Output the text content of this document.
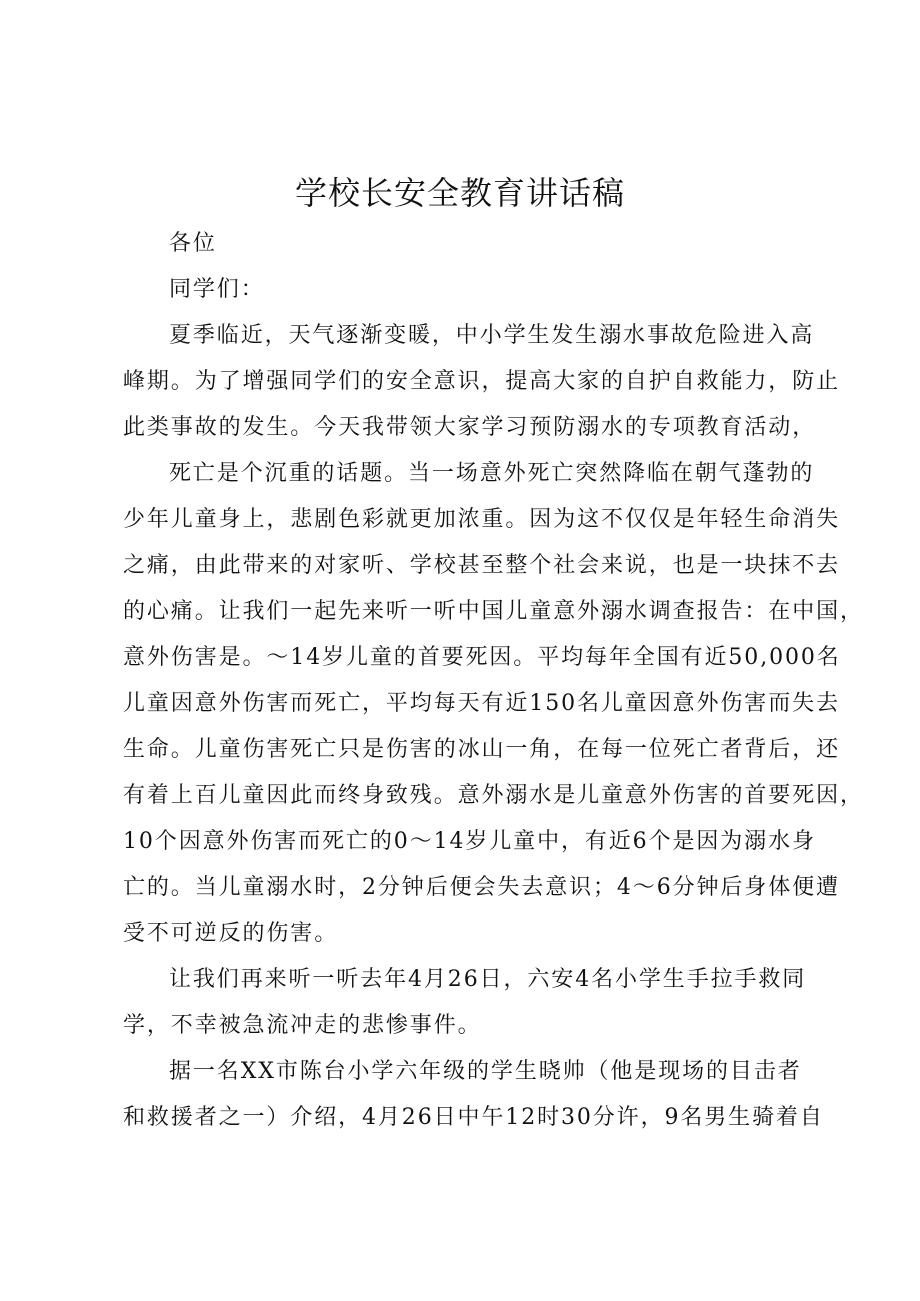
学校长安全教育讲话稿

各位

同学们：

夏季临近，天气逐渐变暖，中小学生发生溺水事故危险进入高
峰期。为了增强同学们的安全意识，提高大家的自护自救能力，防止
此类事故的发生。今天我带领大家学习预防溺水的专项教育活动，
死亡是个沉重的话题。当一场意外死亡突然降临在朝气蓬勃的
少年儿童身上，悲剧色彩就更加浓重。因为这不仅仅是年轻生命消失
之痛，由此带来的对家听、学校甚至整个社会来说，也是一块抹不去
的心痛。让我们一起先来听一听中国儿童意外溺水调查报告：在中国，
意外伤害是。～14岁儿童的首要死因。平均每年全国有近50,000名
儿童因意外伤害而死亡，平均每天有近150名儿童因意外伤害而失去
生命。儿童伤害死亡只是伤害的冰山一角，在每一位死亡者背后，还
有着上百儿童因此而终身致残。意外溺水是儿童意外伤害的首要死因，
10个因意外伤害而死亡的0～14岁儿童中，有近6个是因为溺水身
亡的。当儿童溺水时，2分钟后便会失去意识；4～6分钟后身体便遭
受不可逆反的伤害。
让我们再来听一听去年4月26日，六安4名小学生手拉手救同
学，不幸被急流冲走的悲惨事件。
据一名XX市陈台小学六年级的学生晓帅（他是现场的目击者
和救援者之一）介绍，4月26日中午12时30分许，9名男生骑着自
